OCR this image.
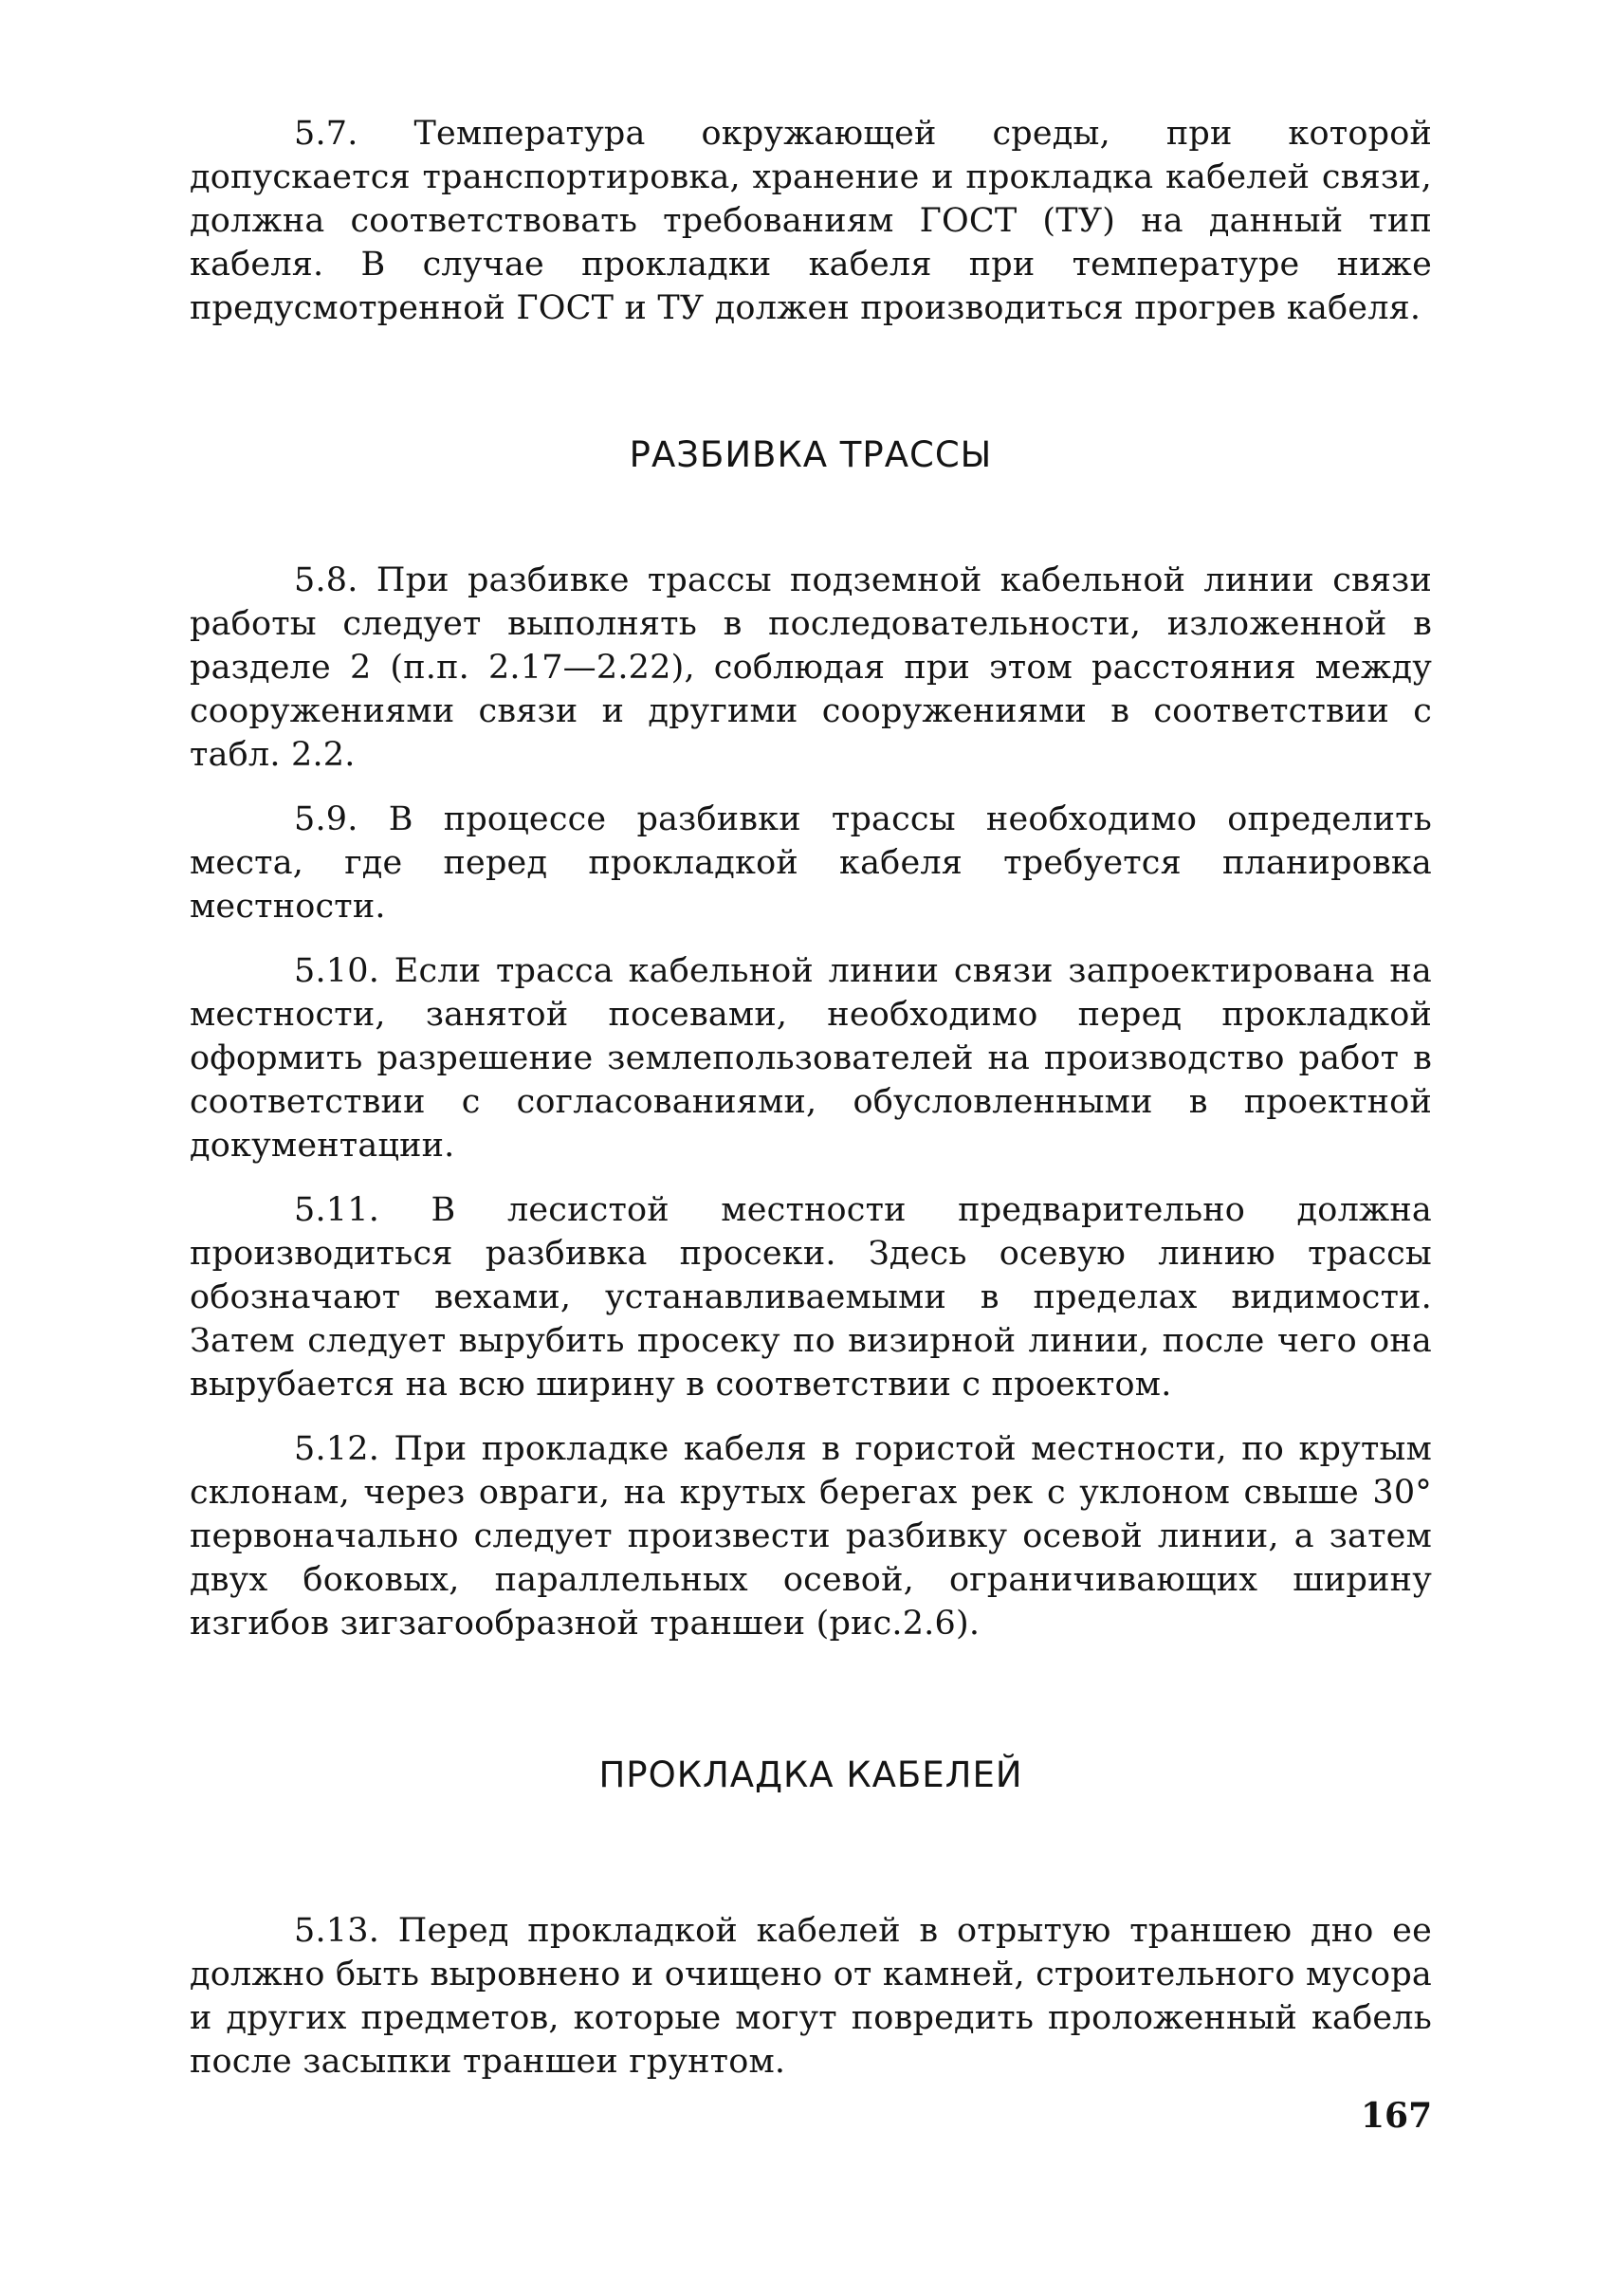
5.7. Температура окружающей среды, при которой допускается транспортировка, хранение и прокладка кабелей связи, должна соответствовать требованиям ГОСТ (ТУ) на данный тип кабеля. В случае прокладки кабеля при температуре ниже предусмотренной ГОСТ и ТУ должен производиться прогрев кабеля.

РАЗБИВКА ТРАССЫ

5.8. При разбивке трассы подземной кабельной линии связи работы следует выполнять в последовательности, изложенной в разделе 2 (п.п. 2.17—2.22), соблюдая при этом расстояния между сооружениями связи и другими сооружениями в соответствии с табл. 2.2.

5.9. В процессе разбивки трассы необходимо определить места, где перед прокладкой кабеля требуется планировка местности.

5.10. Если трасса кабельной линии связи запроектирована на местности, занятой посевами, необходимо перед прокладкой оформить разрешение землепользователей на производство работ в соответствии с согласованиями, обусловленными в проектной документации.

5.11. В лесистой местности предварительно должна производиться разбивка просеки. Здесь осевую линию трассы обозначают вехами, устанавливаемыми в пределах видимости. Затем следует вырубить просеку по визирной линии, после чего она вырубается на всю ширину в соответствии с проектом.

5.12. При прокладке кабеля в гористой местности, по крутым склонам, через овраги, на крутых берегах рек с уклоном свыше 30° первоначально следует произвести разбивку осевой линии, а затем двух боковых, параллельных осевой, ограничивающих ширину изгибов зигзагообразной траншеи (рис.2.6).

ПРОКЛАДКА КАБЕЛЕЙ

5.13. Перед прокладкой кабелей в отрытую траншею дно ее должно быть выровнено и очищено от камней, строительного мусора и других предметов, которые могут повредить проложенный кабель после засыпки траншеи грунтом.

167
